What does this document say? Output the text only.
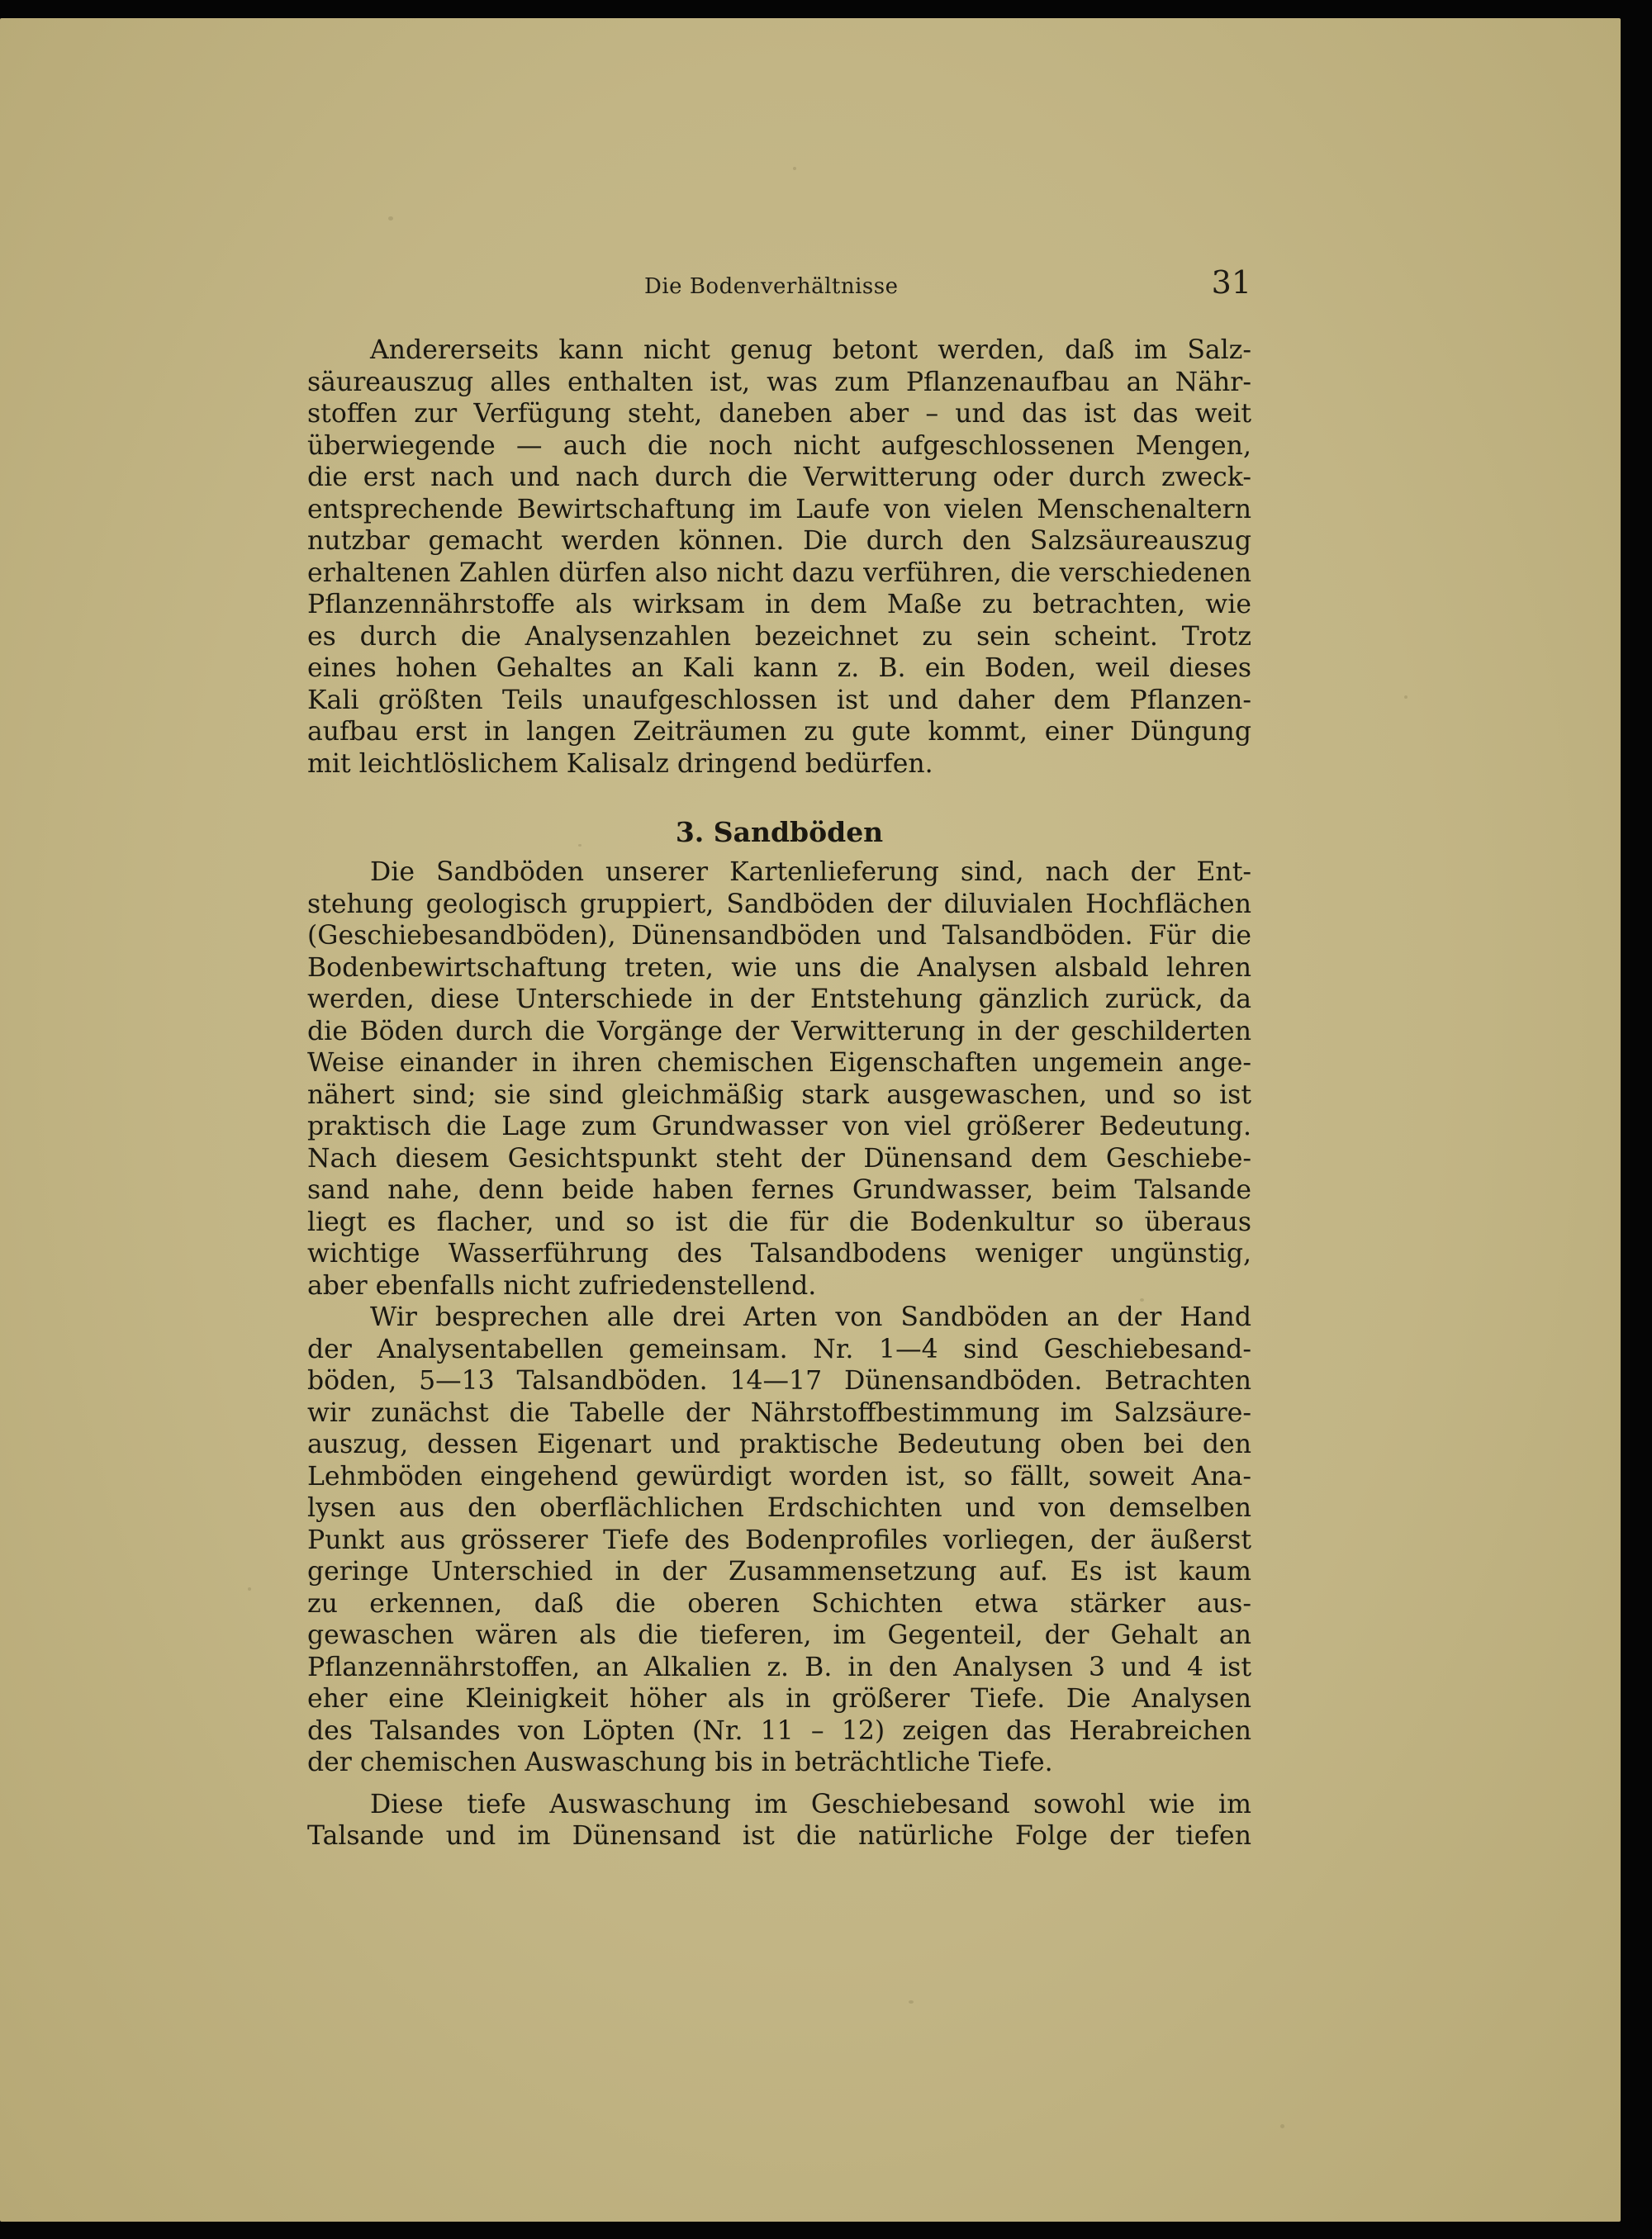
Die Bodenverhältnisse	31
Andererseits kann nicht genug betont werden, daß im Salz-
säureauszug alles enthalten ist, was zum Pflanzenaufbau an Nähr-
stoffen zur Verfügung steht, daneben aber – und das ist das weit
überwiegende — auch die noch nicht aufgeschlossenen Mengen,
die erst nach und nach durch die Verwitterung oder durch zweck-
entsprechende Bewirtschaftung im Laufe von vielen Menschenaltern
nutzbar gemacht werden können. Die durch den Salzsäureauszug
erhaltenen Zahlen dürfen also nicht dazu verführen, die verschiedenen
Pflanzennährstoffe als wirksam in dem Maße zu betrachten, wie
es durch die Analysenzahlen bezeichnet zu sein scheint. Trotz
eines hohen Gehaltes an Kali kann z. B. ein Boden, weil dieses
Kali größten Teils unaufgeschlossen ist und daher dem Pflanzen-
aufbau erst in langen Zeiträumen zu gute kommt, einer Düngung
mit leichtlöslichem Kalisalz dringend bedürfen.
3. Sandböden
Die Sandböden unserer Kartenlieferung sind, nach der Ent-
stehung geologisch gruppiert, Sandböden der diluvialen Hochflächen
(Geschiebesandböden), Dünensandböden und Talsandböden. Für die
Bodenbewirtschaftung treten, wie uns die Analysen alsbald lehren
werden, diese Unterschiede in der Entstehung gänzlich zurück, da
die Böden durch die Vorgänge der Verwitterung in der geschilderten
Weise einander in ihren chemischen Eigenschaften ungemein ange-
nähert sind; sie sind gleichmäßig stark ausgewaschen, und so ist
praktisch die Lage zum Grundwasser von viel größerer Bedeutung.
Nach diesem Gesichtspunkt steht der Dünensand dem Geschiebe-
sand nahe, denn beide haben fernes Grundwasser, beim Talsande
liegt es flacher, und so ist die für die Bodenkultur so überaus
wichtige Wasserführung des Talsandbodens weniger ungünstig,
aber ebenfalls nicht zufriedenstellend.
Wir besprechen alle drei Arten von Sandböden an der Hand
der Analysentabellen gemeinsam. Nr. 1—4 sind Geschiebesand-
böden, 5—13 Talsandböden. 14—17 Dünensandböden. Betrachten
wir zunächst die Tabelle der Nährstoffbestimmung im Salzsäure-
auszug, dessen Eigenart und praktische Bedeutung oben bei den
Lehmböden eingehend gewürdigt worden ist, so fällt, soweit Ana-
lysen aus den oberflächlichen Erdschichten und von demselben
Punkt aus grösserer Tiefe des Bodenprofiles vorliegen, der äußerst
geringe Unterschied in der Zusammensetzung auf. Es ist kaum
zu erkennen, daß die oberen Schichten etwa stärker aus-
gewaschen wären als die tieferen, im Gegenteil, der Gehalt an
Pflanzennährstoffen, an Alkalien z. B. in den Analysen 3 und 4 ist
eher eine Kleinigkeit höher als in größerer Tiefe. Die Analysen
des Talsandes von Löpten (Nr. 11 – 12) zeigen das Herabreichen
der chemischen Auswaschung bis in beträchtliche Tiefe.
Diese tiefe Auswaschung im Geschiebesand sowohl wie im
Talsande und im Dünensand ist die natürliche Folge der tiefen
